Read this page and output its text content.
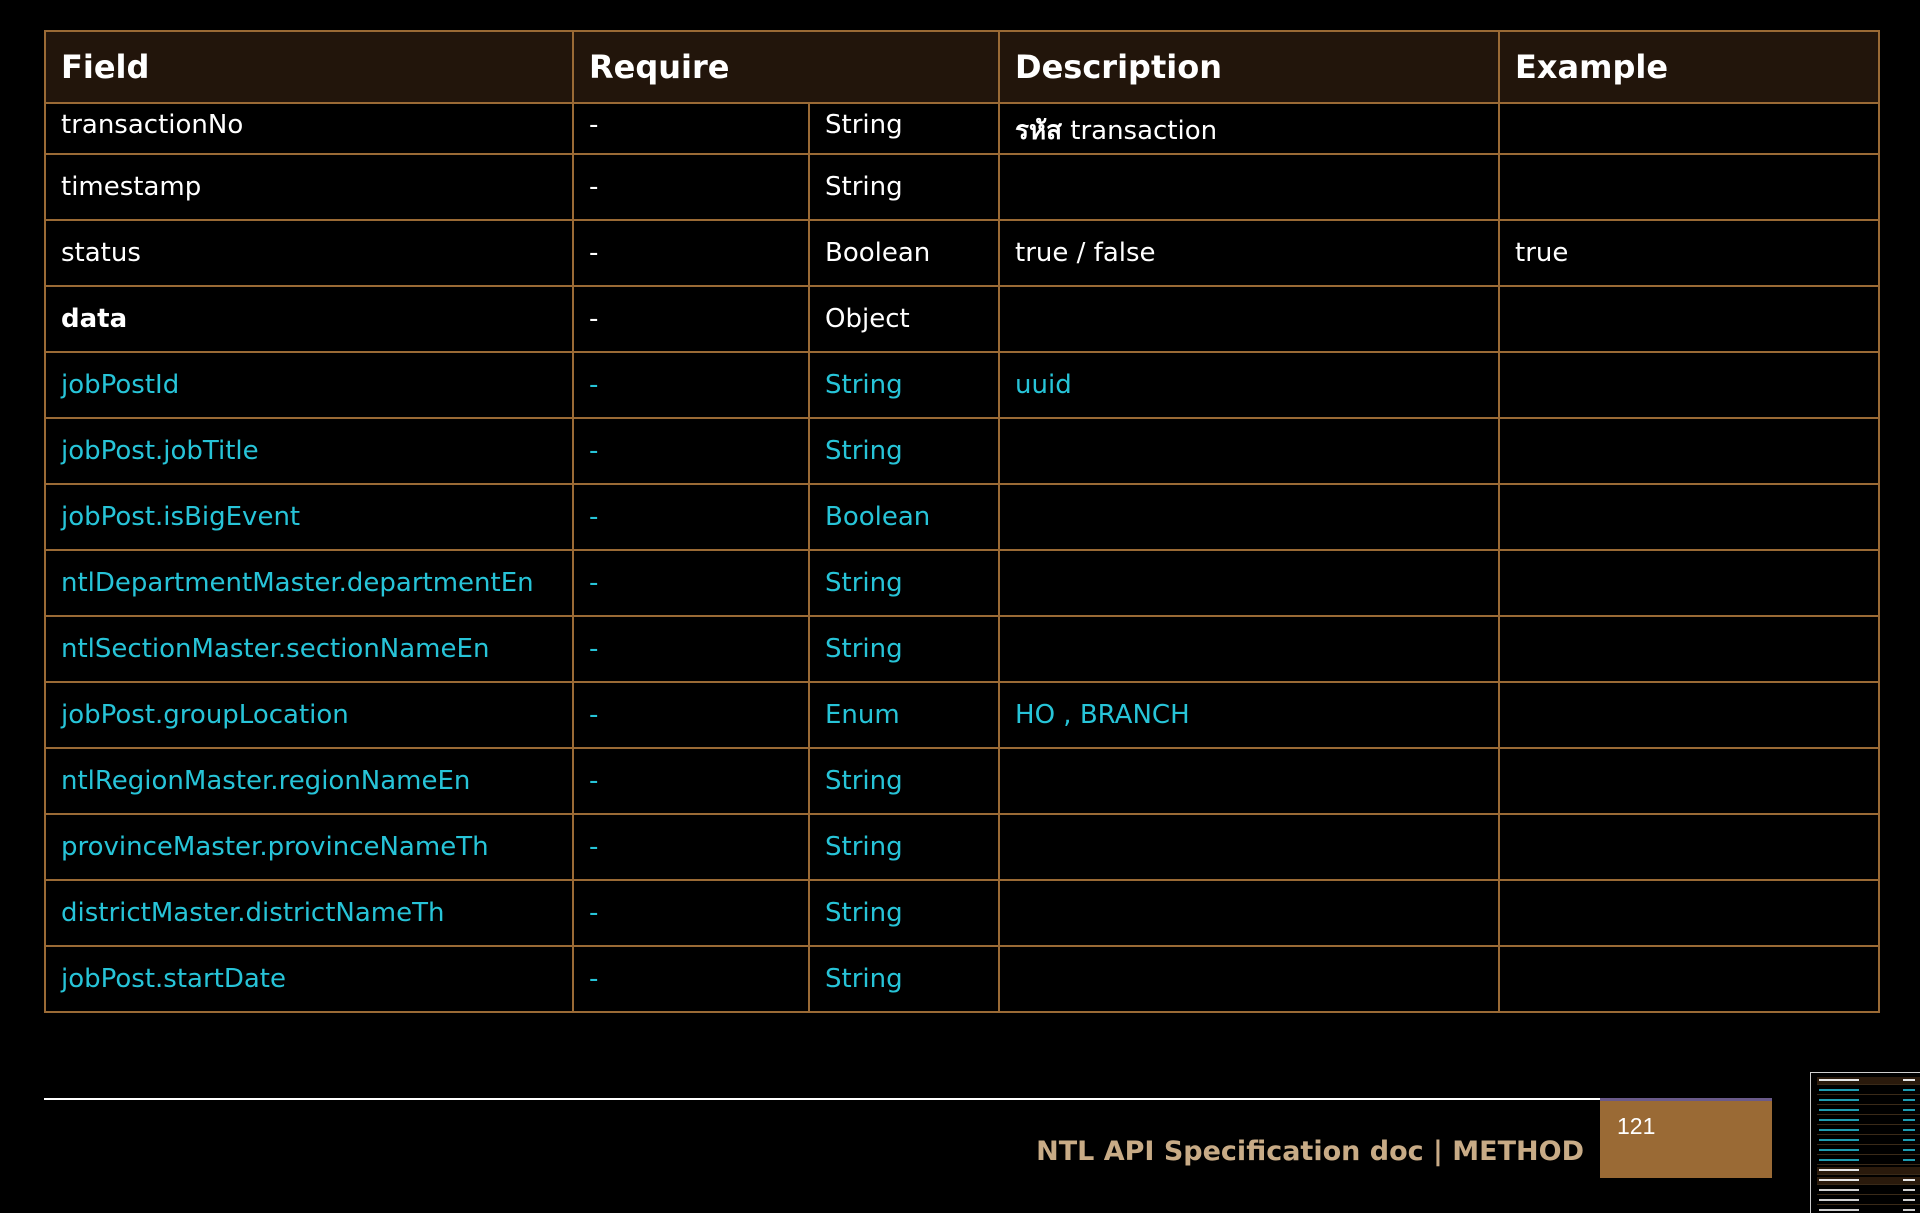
Field	Require		Description	Example
transactionNo	-	String	รหัส transaction	
timestamp	-	String		
status	-	Boolean	true / false	true
data	-	Object		
jobPostId	-	String	uuid	
jobPost.jobTitle	-	String		
jobPost.isBigEvent	-	Boolean		
ntlDepartmentMaster.departmentEn	-	String		
ntlSectionMaster.sectionNameEn	-	String		
jobPost.groupLocation	-	Enum	HO , BRANCH	
ntlRegionMaster.regionNameEn	-	String		
provinceMaster.provinceNameTh	-	String		
districtMaster.districtNameTh	-	String		
jobPost.startDate	-	String		
NTL API Specification doc | METHOD
121
